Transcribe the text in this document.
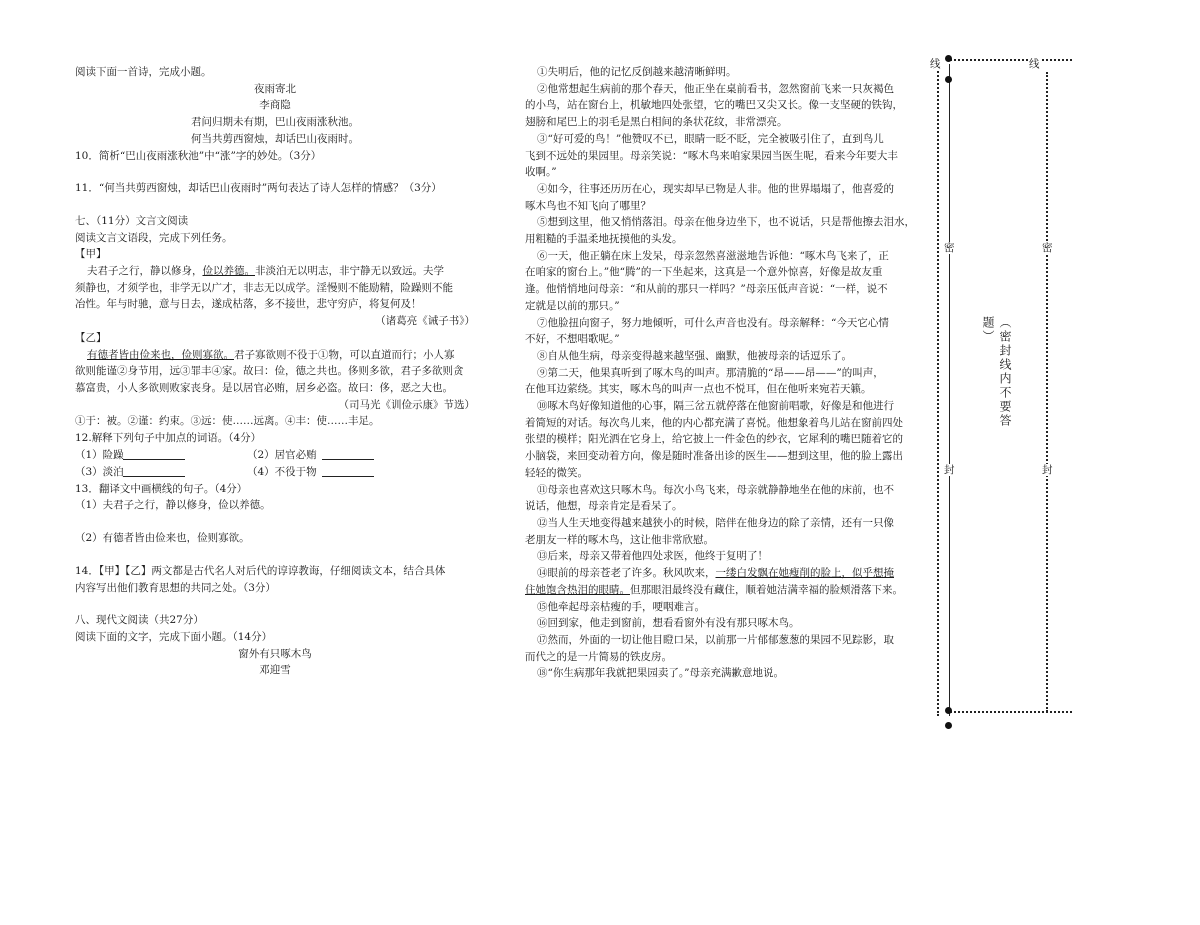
阅读下面一首诗，完成小题。
夜雨寄北
李商隐
君问归期未有期，巴山夜雨涨秋池。
何当共剪西窗烛，却话巴山夜雨时。
10．简析“巴山夜雨涨秋池”中“涨”字的妙处。（3分）
11．“何当共剪西窗烛，却话巴山夜雨时”两句表达了诗人怎样的情感？（3分）
七、（11分）文言文阅读
阅读文言文语段，完成下列任务。
【甲】
夫君子之行，静以修身，俭以养德。非淡泊无以明志，非宁静无以致远。夫学
须静也，才须学也，非学无以广才，非志无以成学。淫慢则不能励精，险躁则不能
冶性。年与时驰，意与日去，遂成枯落，多不接世，悲守穷庐，将复何及！
（诸葛亮《诫子书》）
【乙】
有德者皆由俭来也，俭则寡欲。君子寡欲则不役于①物，可以直道而行；小人寡
欲则能谨②身节用，远③罪丰④家。故曰：俭，德之共也。侈则多欲，君子多欲则贪
慕富贵，小人多欲则败家丧身。是以居官必贿，居乡必盗。故曰：侈，恶之大也。
（司马光《训俭示康》节选）
①于：被。②谨：约束。③远：使……远离。④丰：使……丰足。
12.解释下列句子中加点的词语。（4分）
（1）险躁	（2）居官必贿
（3）淡泊	（4）不役于物
13．翻译文中画横线的句子。（4分）
（1）夫君子之行，静以修身，俭以养德。
（2）有德者皆由俭来也，俭则寡欲。
14．【甲】【乙】两文都是古代名人对后代的谆谆教诲，仔细阅读文本，结合具体
内容写出他们教育思想的共同之处。（3分）
八、现代文阅读（共27分）
阅读下面的文字，完成下面小题。（14分）
窗外有只啄木鸟
邓迎雪
①失明后，他的记忆反倒越来越清晰鲜明。
②他常想起生病前的那个春天，他正坐在桌前看书，忽然窗前飞来一只灰褐色
的小鸟，站在窗台上，机敏地四处张望，它的嘴巴又尖又长。像一支坚硬的铁钩，
翅膀和尾巴上的羽毛是黑白相间的条状花纹，非常漂亮。
③“好可爱的鸟！”他赞叹不已，眼睛一眨不眨，完全被吸引住了，直到鸟儿
飞到不远处的果园里。母亲笑说：“啄木鸟来咱家果园当医生呢，看来今年要大丰
收啊。”
④如今，往事还历历在心，现实却早已物是人非。他的世界塌塌了，他喜爱的
啄木鸟也不知飞向了哪里？
⑤想到这里，他又悄悄落泪。母亲在他身边坐下，也不说话，只是帮他擦去泪水，
用粗糙的手温柔地抚摸他的头发。
⑥一天，他正躺在床上发呆，母亲忽然喜滋滋地告诉他：“啄木鸟飞来了，正
在咱家的窗台上。”他“腾”的一下坐起来，这真是一个意外惊喜，好像是故友重
逢。他悄悄地问母亲：“和从前的那只一样吗？”母亲压低声音说：“一样，说不
定就是以前的那只。”
⑦他脸扭向窗子，努力地倾听，可什么声音也没有。母亲解释：“今天它心情
不好，不想唱歌呢。”
⑧自从他生病，母亲变得越来越坚强、幽默，他被母亲的话逗乐了。
⑨第二天，他果真听到了啄木鸟的叫声。那清脆的“昂——昂——”的叫声，
在他耳边萦绕。其实，啄木鸟的叫声一点也不悦耳，但在他听来宛若天籁。
⑩啄木鸟好像知道他的心事，隔三岔五就停落在他窗前唱歌，好像是和他进行
着简短的对话。每次鸟儿来，他的内心都充满了喜悦。他想象着鸟儿站在窗前四处
张望的模样；阳光洒在它身上，给它披上一件金色的纱衣，它犀利的嘴巴随着它的
小脑袋，来回变动着方向，像是随时准备出诊的医生——想到这里，他的脸上露出
轻轻的微笑。
⑪母亲也喜欢这只啄木鸟。每次小鸟飞来，母亲就静静地坐在他的床前，也不
说话，他想，母亲肯定是看呆了。
⑫当人生天地变得越来越狭小的时候，陪伴在他身边的除了亲情，还有一只像
老朋友一样的啄木鸟，这让他非常欣慰。
⑬后来，母亲又带着他四处求医，他终于复明了！
⑭眼前的母亲苍老了许多。秋风吹来，一缕白发飘在她瘦削的脸上，似乎想掩
住她饱含热泪的眼睛。但那眼泪最终没有藏住，顺着她洁满幸福的脸颊滑落下来。
⑮他牵起母亲枯瘦的手，哽咽难言。
⑯回到家，他走到窗前，想看看窗外有没有那只啄木鸟。
⑰然而，外面的一切让他目瞪口呆，以前那一片郁郁葱葱的果园不见踪影，取
而代之的是一片简易的铁皮房。
⑱“你生病那年我就把果园卖了。”母亲充满歉意地说。
线	线
密	密
封	封
（密封线内不要答题）
